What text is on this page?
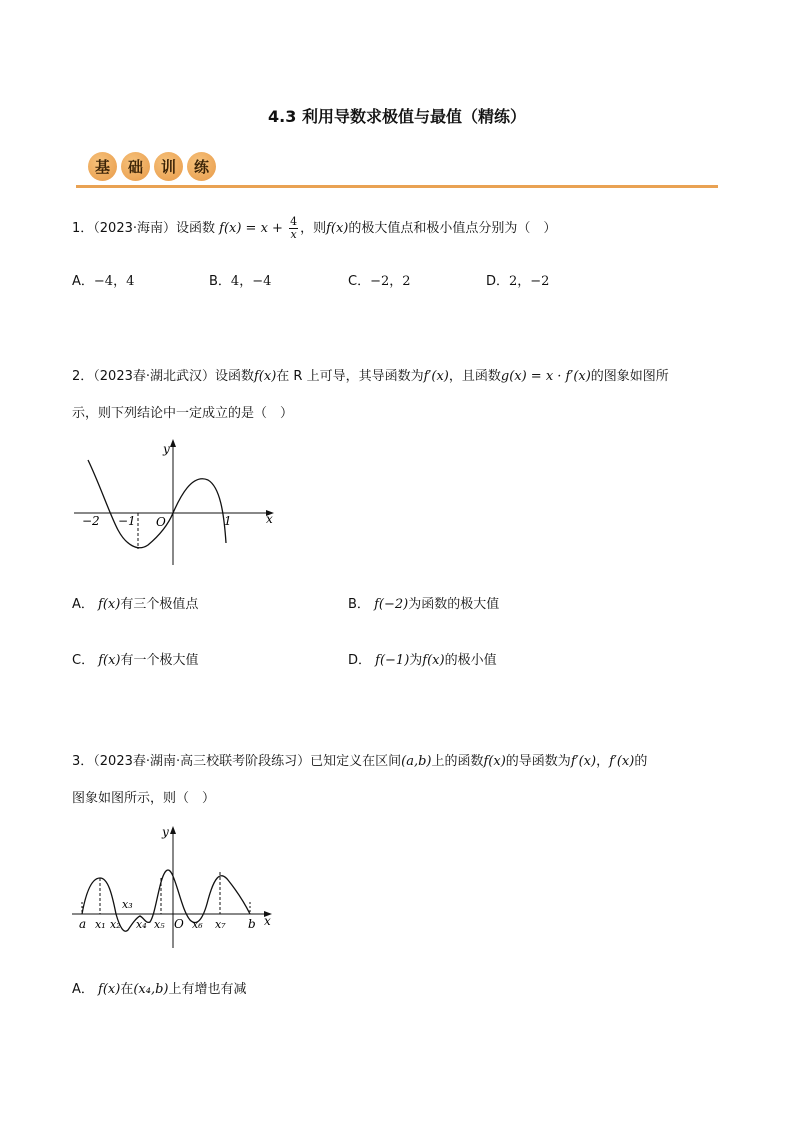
4.3 利用导数求极值与最值（精练）
基	础	训	练
1．（2023·海南）设函数 $f(x) = x + \frac{4}{x}$ ，则f(x)的极大值点和极小值点分别为（　）
A．−4，4	B．4，−4	C．−2，2	D．2，−2
2．（2023春·湖北武汉）设函数f(x)在 R 上可导，其导函数为f′(x)，且函数g(x) = x · f′(x)的图象如图所
示，则下列结论中一定成立的是（　）
y
x
O
−2 −1	1
A． f(x)有三个极值点	B． f(−2)为函数的极大值
C． f(x)有一个极大值	D． f(−1)为f(x)的极小值
3．（2023春·湖南·高三校联考阶段练习）已知定义在区间(a,b)上的函数f(x)的导函数为f′(x)，f′(x)的
图象如图所示，则（　）
y
x
O
a	b
x₁ x₂
x₃
x₄ x₅ x₆ x₇
A． f(x)在(x₄,b)上有增也有减
